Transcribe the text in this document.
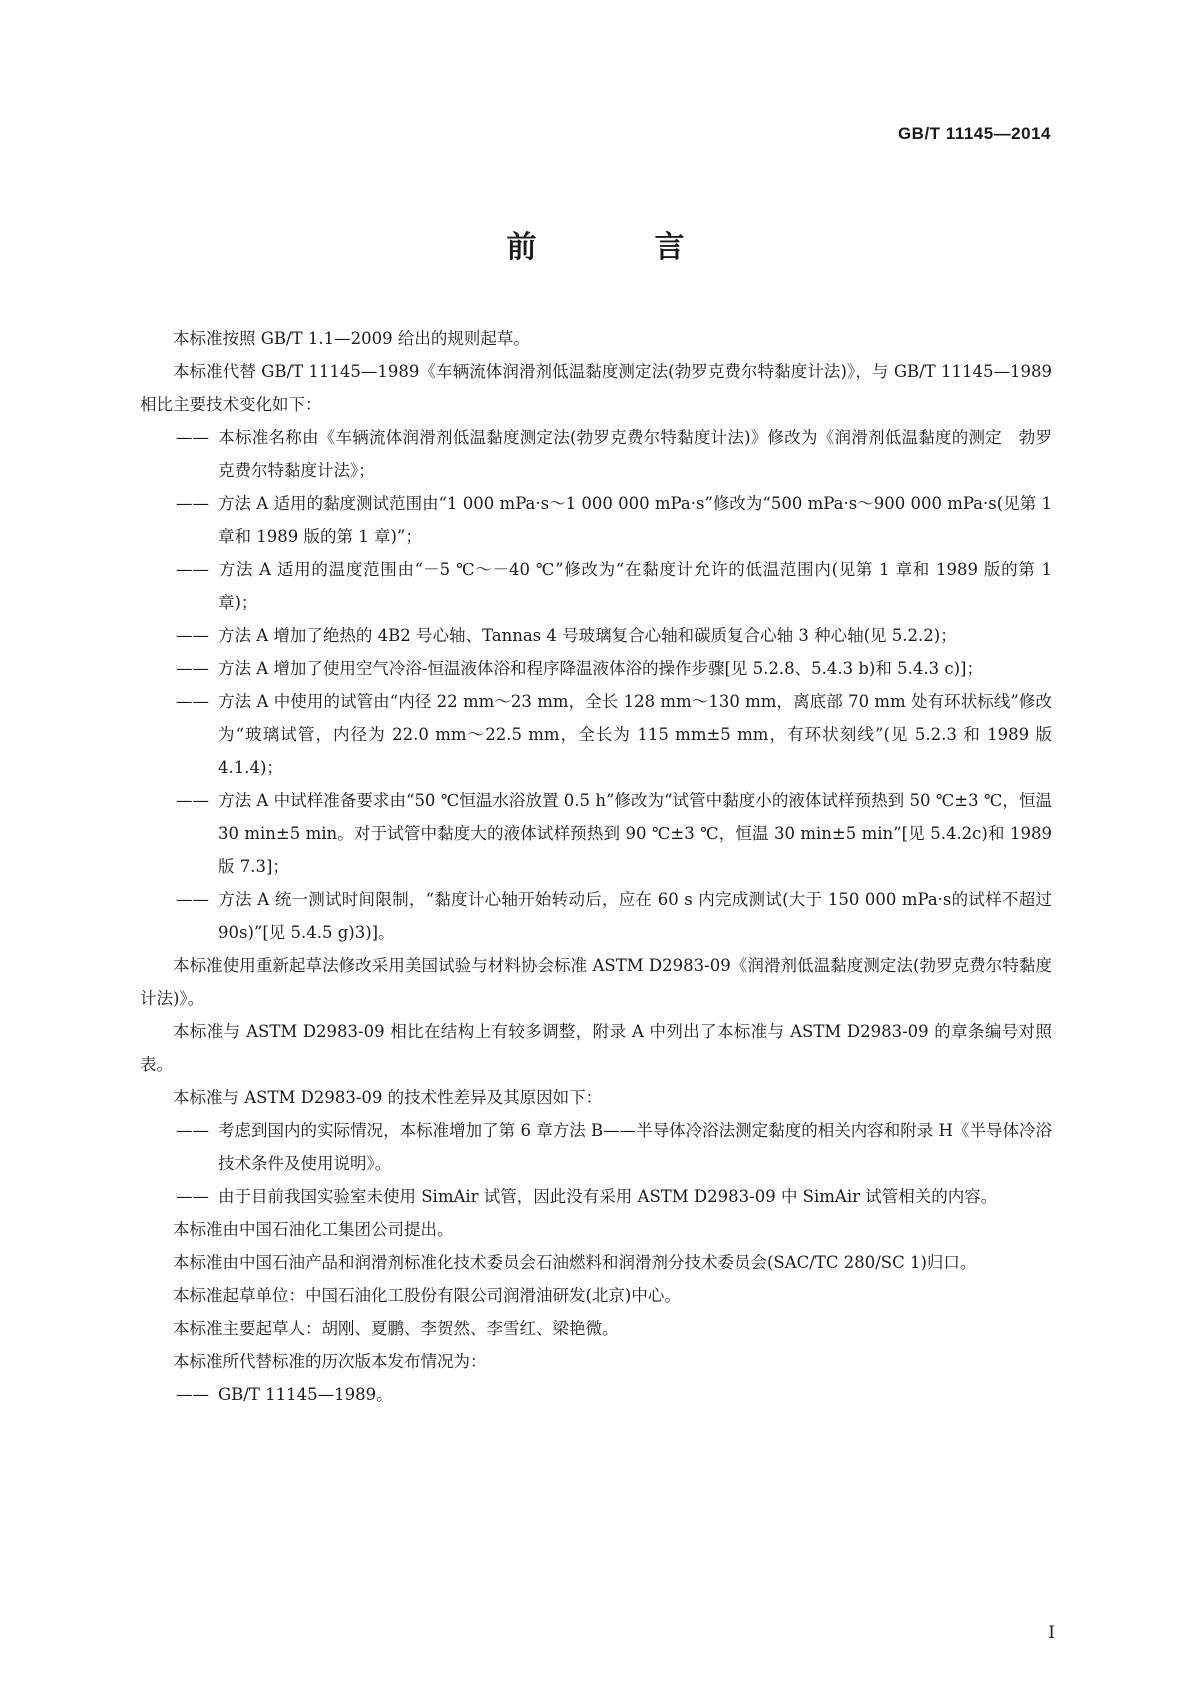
GB/T 11145—2014
前　言
本标准按照 GB/T 1.1—2009 给出的规则起草。
本标准代替 GB/T 11145—1989《车辆流体润滑剂低温黏度测定法(勃罗克费尔特黏度计法)》，与 GB/T 11145—1989 相比主要技术变化如下：
—— 本标准名称由《车辆流体润滑剂低温黏度测定法(勃罗克费尔特黏度计法)》修改为《润滑剂低温黏度的测定　勃罗克费尔特黏度计法》；
—— 方法 A 适用的黏度测试范围由“1 000 mPa·s～1 000 000 mPa·s”修改为“500 mPa·s～900 000 mPa·s(见第 1 章和 1989 版的第 1 章)”；
—— 方法 A 适用的温度范围由“－5 ℃～－40 ℃”修改为“在黏度计允许的低温范围内(见第 1 章和 1989 版的第 1 章)；
—— 方法 A 增加了绝热的 4B2 号心轴、Tannas 4 号玻璃复合心轴和碳质复合心轴 3 种心轴(见 5.2.2)；
—— 方法 A 增加了使用空气冷浴-恒温液体浴和程序降温液体浴的操作步骤[见 5.2.8、5.4.3 b)和 5.4.3 c)]；
—— 方法 A 中使用的试管由“内径 22 mm～23 mm，全长 128 mm～130 mm，离底部 70 mm 处有环状标线”修改为“玻璃试管，内径为 22.0 mm～22.5 mm，全长为 115 mm±5 mm，有环状刻线”(见 5.2.3 和 1989 版 4.1.4)；
—— 方法 A 中试样准备要求由“50 ℃恒温水浴放置 0.5 h”修改为“试管中黏度小的液体试样预热到 50 ℃±3 ℃，恒温 30 min±5 min。对于试管中黏度大的液体试样预热到 90 ℃±3 ℃，恒温 30 min±5 min”[见 5.4.2c)和 1989 版 7.3]；
—— 方法 A 统一测试时间限制，“黏度计心轴开始转动后，应在 60 s 内完成测试(大于 150 000 mPa·s的试样不超过 90s)”[见 5.4.5 g)3)]。
本标准使用重新起草法修改采用美国试验与材料协会标准 ASTM D2983-09《润滑剂低温黏度测定法(勃罗克费尔特黏度计法)》。
本标准与 ASTM D2983-09 相比在结构上有较多调整，附录 A 中列出了本标准与 ASTM D2983-09 的章条编号对照表。
本标准与 ASTM D2983-09 的技术性差异及其原因如下：
—— 考虑到国内的实际情况，本标准增加了第 6 章方法 B——半导体冷浴法测定黏度的相关内容和附录 H《半导体冷浴技术条件及使用说明》。
—— 由于目前我国实验室未使用 SimAir 试管，因此没有采用 ASTM D2983-09 中 SimAir 试管相关的内容。
本标准由中国石油化工集团公司提出。
本标准由中国石油产品和润滑剂标准化技术委员会石油燃料和润滑剂分技术委员会(SAC/TC 280/SC 1)归口。
本标准起草单位：中国石油化工股份有限公司润滑油研发(北京)中心。
本标准主要起草人：胡刚、夏鹏、李贺然、李雪红、梁艳微。
本标准所代替标准的历次版本发布情况为：
—— GB/T 11145—1989。
I
